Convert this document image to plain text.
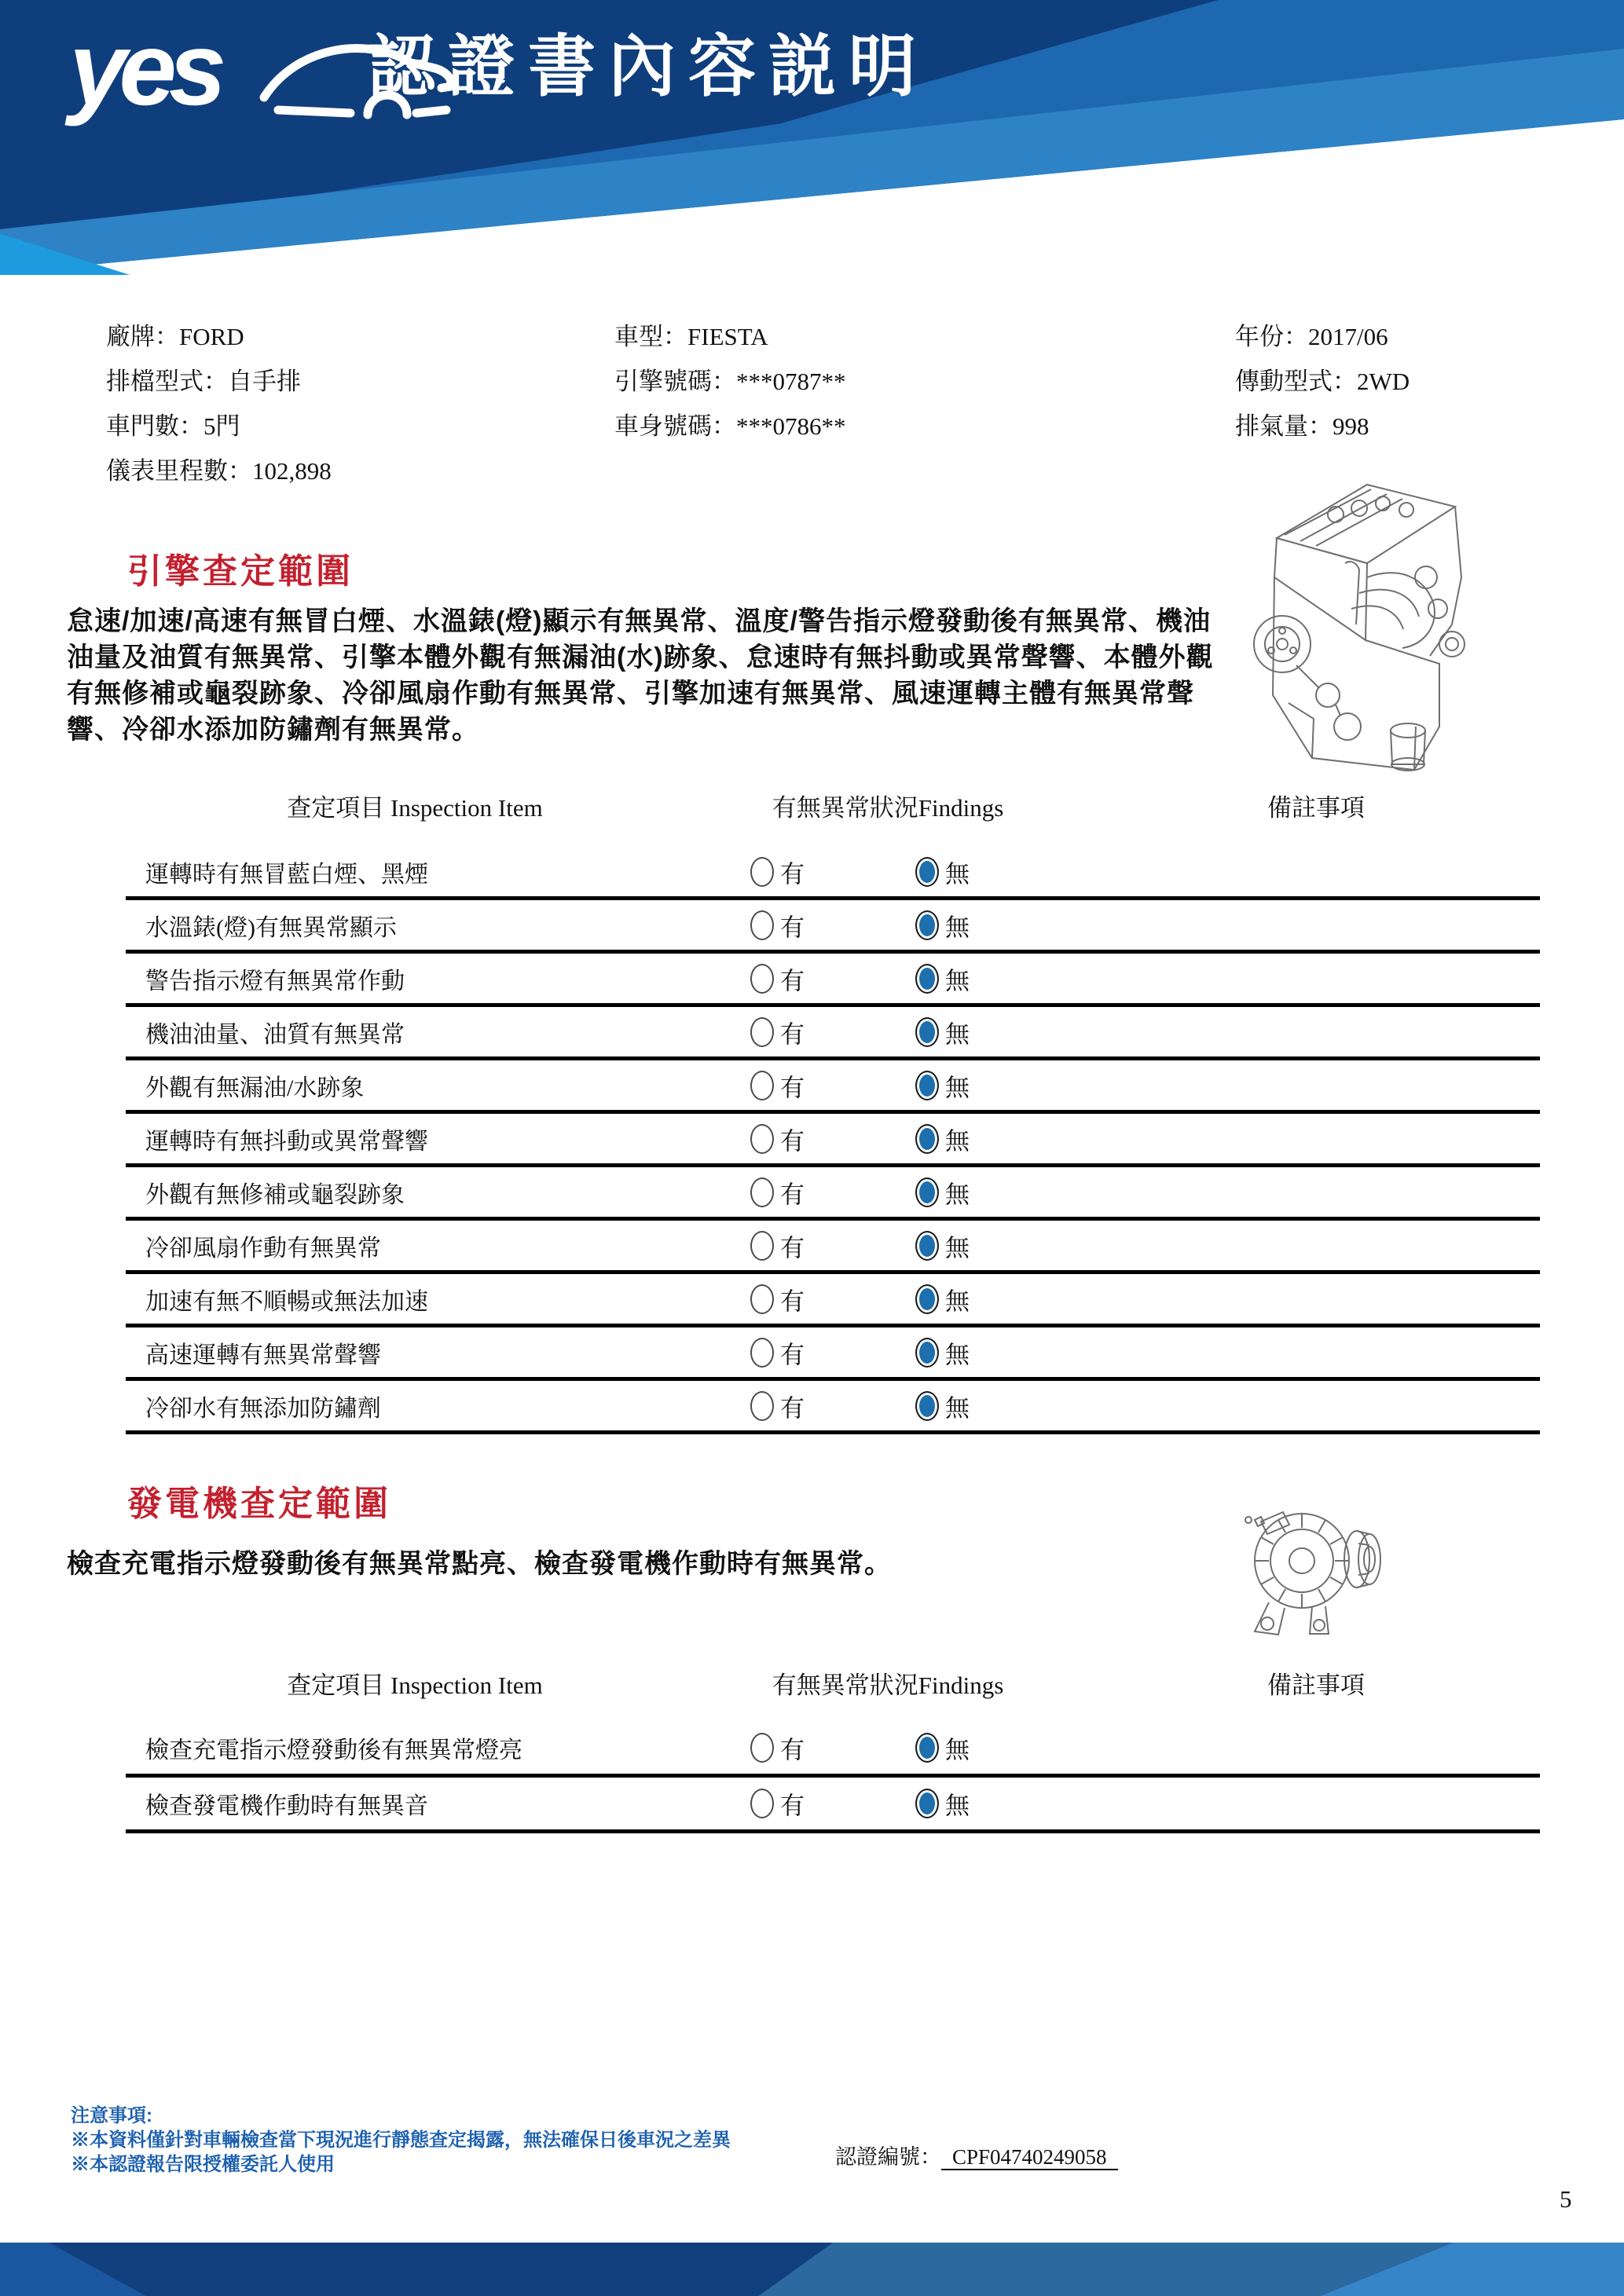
yes 認證書內容説明
廠牌：FORD
排檔型式：自手排
車門數：5門
儀表里程數：102,898
車型：FIESTA
引擎號碼：***0787**
車身號碼：***0786**
年份：2017/06
傳動型式：2WD
排氣量：998
引擎查定範圍
怠速/加速/高速有無冒白煙、水溫錶(燈)顯示有無異常、溫度/警告指示燈發動後有無異常、機油油量及油質有無異常、引擎本體外觀有無漏油(水)跡象、怠速時有無抖動或異常聲響、本體外觀有無修補或龜裂跡象、冷卻風扇作動有無異常、引擎加速有無異常、風速運轉主體有無異常聲響、冷卻水添加防鏽劑有無異常。
查定項目 Inspection Item	有無異常狀況Findings	備註事項
運轉時有無冒藍白煙、黑煙	有	無
水溫錶(燈)有無異常顯示	有	無
警告指示燈有無異常作動	有	無
機油油量、油質有無異常	有	無
外觀有無漏油/水跡象	有	無
運轉時有無抖動或異常聲響	有	無
外觀有無修補或龜裂跡象	有	無
冷卻風扇作動有無異常	有	無
加速有無不順暢或無法加速	有	無
高速運轉有無異常聲響	有	無
冷卻水有無添加防鏽劑	有	無
發電機查定範圍
檢查充電指示燈發動後有無異常點亮、檢查發電機作動時有無異常。
查定項目 Inspection Item	有無異常狀況Findings	備註事項
檢查充電指示燈發動後有無異常燈亮	有	無
檢查發電機作動時有無異音	有	無
注意事項:
※本資料僅針對車輛檢查當下現況進行靜態查定揭露，無法確保日後車況之差異
※本認證報告限授權委託人使用	認證編號： CPF04740249058
5
